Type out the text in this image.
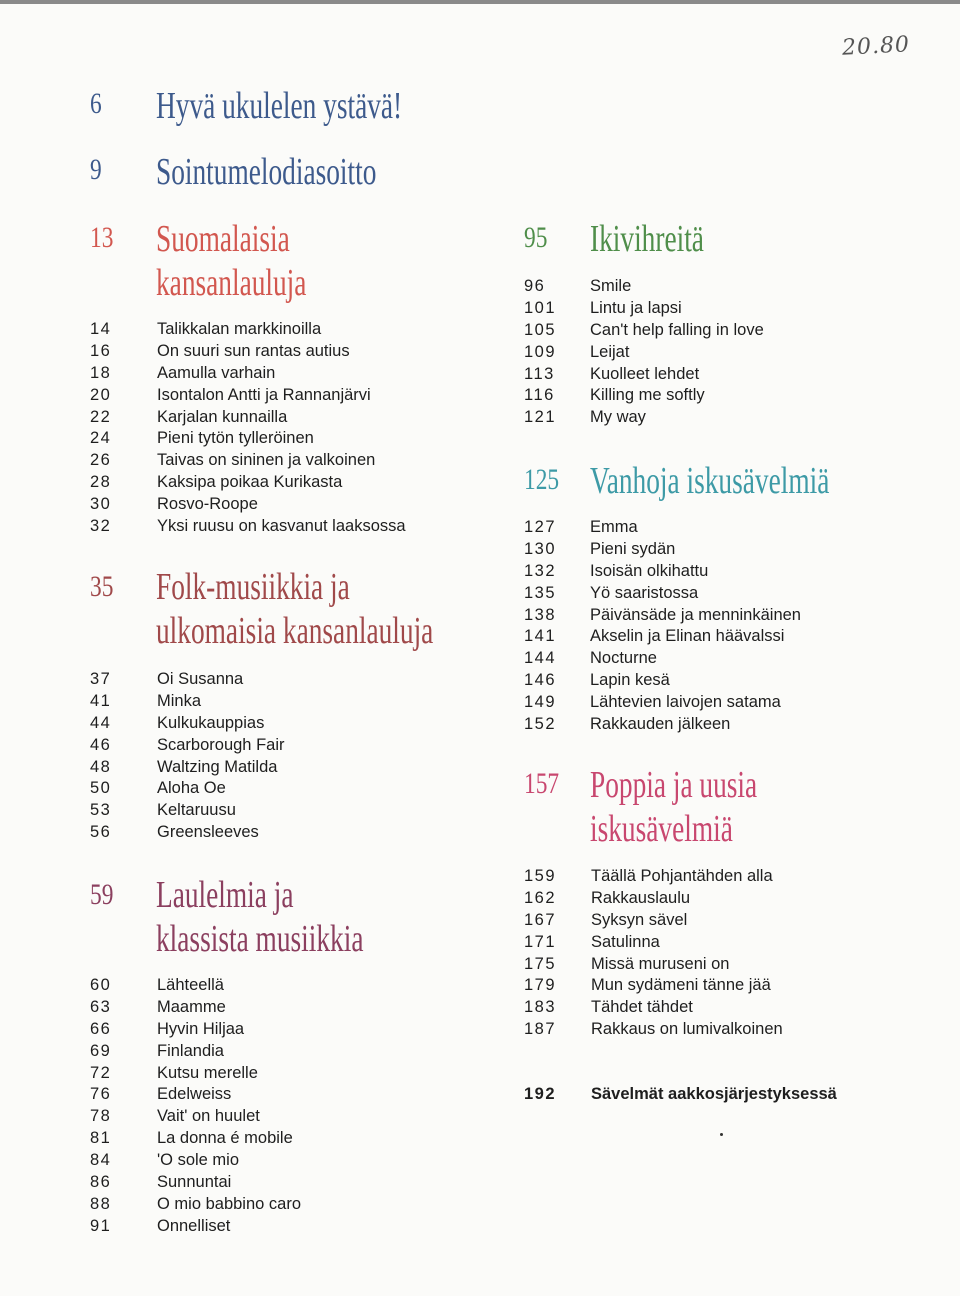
20.80
6 Hyvä ukulelen ystävä!
9 Sointumelodiasoitto
13 Suomalaisia
kansanlauluja
14	Talikkalan markkinoilla
16	On suuri sun rantas autius
18	Aamulla varhain
20	Isontalon Antti ja Rannanjärvi
22	Karjalan kunnailla
24	Pieni tytön tylleröinen
26	Taivas on sininen ja valkoinen
28	Kaksipa poikaa Kurikasta
30	Rosvo-Roope
32	Yksi ruusu on kasvanut laaksossa
35 Folk-musiikkia ja
ulkomaisia kansanlauluja
37	Oi Susanna
41	Minka
44	Kulkukauppias
46	Scarborough Fair
48	Waltzing Matilda
50	Aloha Oe
53	Keltaruusu
56	Greensleeves
59 Laulelmia ja
klassista musiikkia
60	Lähteellä
63	Maamme
66	Hyvin Hiljaa
69	Finlandia
72	Kutsu merelle
76	Edelweiss
78	Vait' on huulet
81	La donna é mobile
84	'O sole mio
86	Sunnuntai
88	O mio babbino caro
91	Onnelliset
95 Ikivihreitä
96	Smile
101 Lintu ja lapsi
105 Can't help falling in love
109 Leijat
113 Kuolleet lehdet
116 Killing me softly
121 My way
125 Vanhoja iskusävelmiä
127 Emma
130 Pieni sydän
132 Isoisän olkihattu
135 Yö saaristossa
138 Päivänsäde ja menninkäinen
141 Akselin ja Elinan häävalssi
144 Nocturne
146 Lapin kesä
149 Lähtevien laivojen satama
152 Rakkauden jälkeen
157 Poppia ja uusia
iskusävelmiä
159 Täällä Pohjantähden alla
162 Rakkauslaulu
167 Syksyn sävel
171 Satulinna
175 Missä muruseni on
179 Mun sydämeni tänne jää
183 Tähdet tähdet
187 Rakkaus on lumivalkoinen
192 Sävelmät aakkosjärjestyksessä
